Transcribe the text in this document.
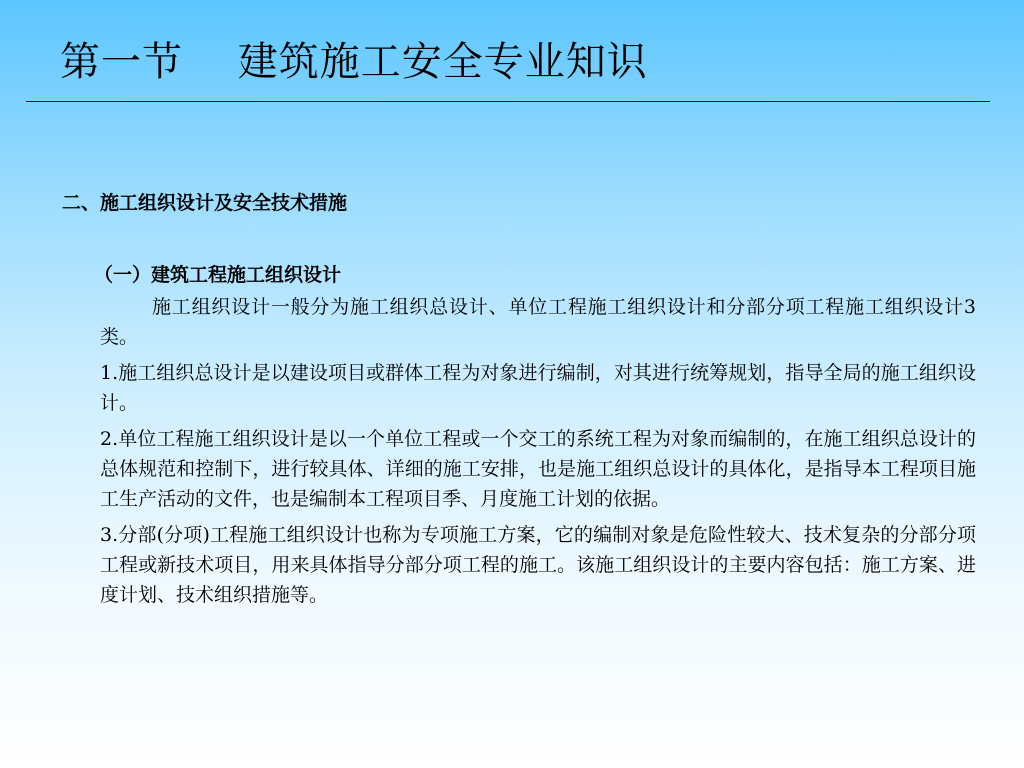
第一节　 建筑施工安全专业知识
二、施工组织设计及安全技术措施
（一）建筑工程施工组织设计

施工组织设计一般分为施工组织总设计、单位工程施工组织设计和分部分项工程施工组织设计3类。

1.施工组织总设计是以建设项目或群体工程为对象进行编制，对其进行统筹规划，指导全局的施工组织设计。

2.单位工程施工组织设计是以一个单位工程或一个交工的系统工程为对象而编制的，在施工组织总设计的总体规范和控制下，进行较具体、详细的施工安排，也是施工组织总设计的具体化，是指导本工程项目施工生产活动的文件，也是编制本工程项目季、月度施工计划的依据。

3.分部(分项)工程施工组织设计也称为专项施工方案，它的编制对象是危险性较大、技术复杂的分部分项工程或新技术项目，用来具体指导分部分项工程的施工。该施工组织设计的主要内容包括：施工方案、进度计划、技术组织措施等。
